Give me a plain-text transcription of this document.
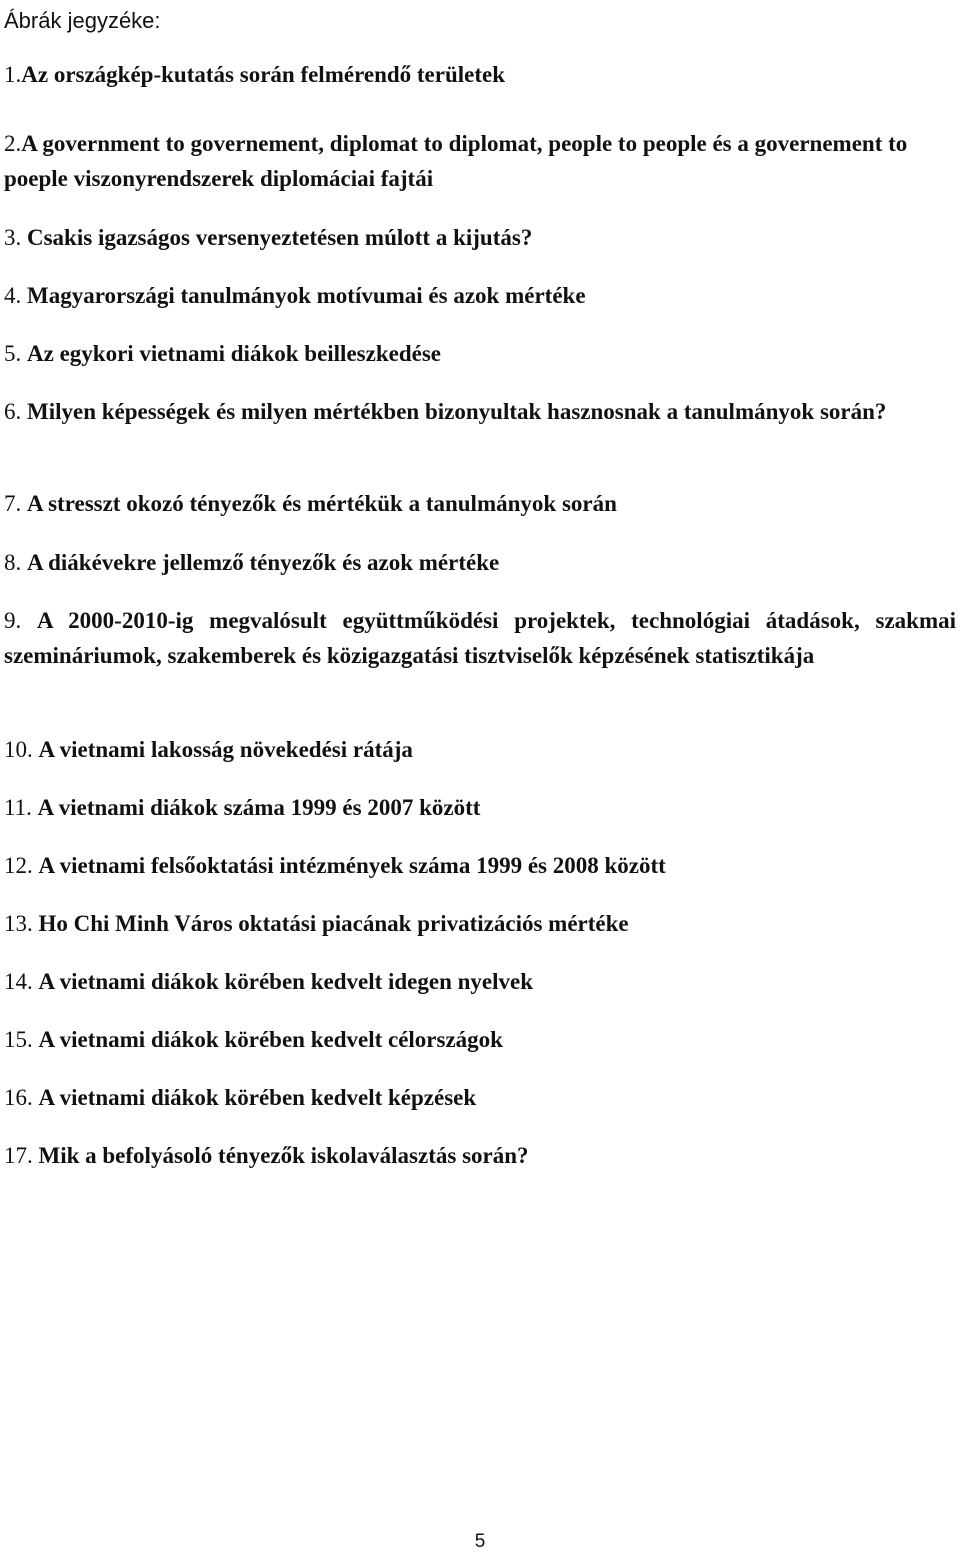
Ábrák jegyzéke:

1.Az országkép-kutatás során felmérendő területek

2.A government to governement, diplomat to diplomat, people to people és a governement to poeple viszonyrendszerek diplomáciai fajtái

3. Csakis igazságos versenyeztetésen múlott a kijutás?

4. Magyarországi tanulmányok motívumai és azok mértéke

5. Az egykori vietnami diákok beilleszkedése

6. Milyen képességek és milyen mértékben bizonyultak hasznosnak a tanulmányok során?

7. A stresszt okozó tényezők és mértékük a tanulmányok során

8. A diákévekre jellemző tényezők és azok mértéke

9. A 2000-2010-ig megvalósult együttműködési projektek, technológiai átadások, szakmai szemináriumok, szakemberek és közigazgatási tisztviselők képzésének statisztikája

10. A vietnami lakosság növekedési rátája

11. A vietnami diákok száma 1999 és 2007 között

12. A vietnami felsőoktatási intézmények száma 1999 és 2008 között

13. Ho Chi Minh Város oktatási piacának privatizációs mértéke

14. A vietnami diákok körében kedvelt idegen nyelvek

15. A vietnami diákok körében kedvelt célországok

16. A vietnami diákok körében kedvelt képzések

17. Mik a befolyásoló tényezők iskolaválasztás során?

5
